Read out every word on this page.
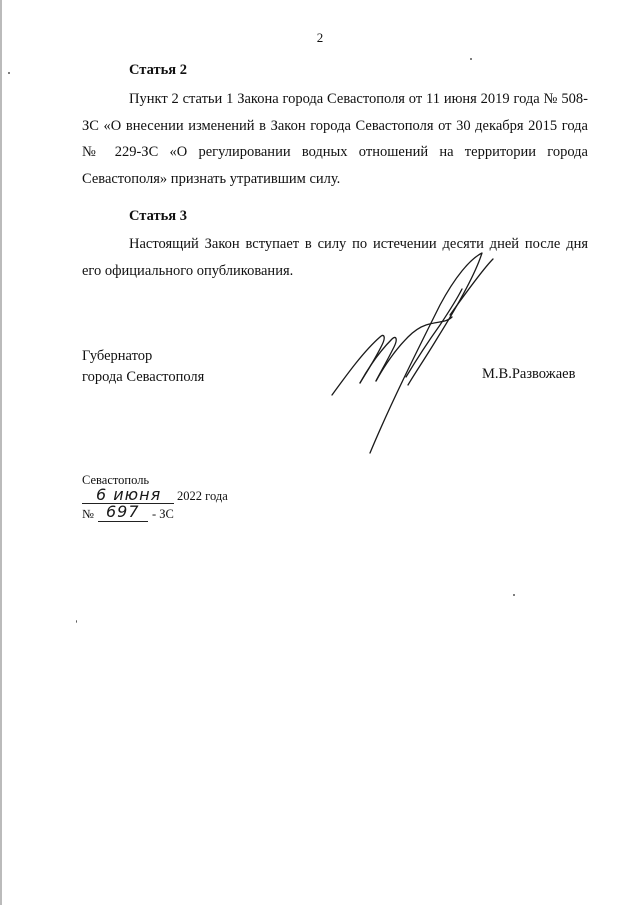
2
Статья 2

Пункт 2 статьи 1 Закона города Севастополя от 11 июня 2019 года № 508-ЗС «О внесении изменений в Закон города Севастополя от 30 декабря 2015 года № 229-ЗС «О регулировании водных отношений на территории города Севастополя» признать утратившим силу.

Статья 3

Настоящий Закон вступает в силу по истечении десяти дней после дня его официального опубликования.

Губернатор
города Севастополя	М.В.Развожаев
Севастополь
6 июня 2022 года
№ 697 - ЗС
